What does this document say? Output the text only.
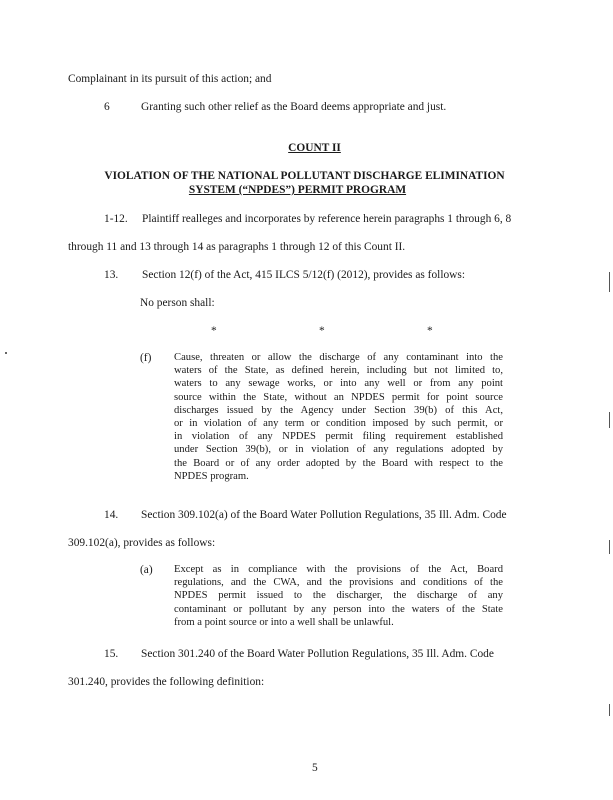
Complainant in its pursuit of this action; and
6	Granting such other relief as the Board deems appropriate and just.
COUNT II
VIOLATION OF THE NATIONAL POLLUTANT DISCHARGE ELIMINATION
SYSTEM (“NPDES”) PERMIT PROGRAM
1-12. Plaintiff realleges and incorporates by reference herein paragraphs 1 through 6, 8
through 11 and 13 through 14 as paragraphs 1 through 12 of this Count II.
13. Section 12(f) of the Act, 415 ILCS 5/12(f) (2012), provides as follows:
No person shall:
*	*	*
(f) Cause, threaten or allow the discharge of any contaminant into the
waters of the State, as defined herein, including but not limited to,
waters to any sewage works, or into any well or from any point
source within the State, without an NPDES permit for point source
discharges issued by the Agency under Section 39(b) of this Act,
or in violation of any term or condition imposed by such permit, or
in violation of any NPDES permit filing requirement established
under Section 39(b), or in violation of any regulations adopted by
the Board or of any order adopted by the Board with respect to the
NPDES program.
14. Section 309.102(a) of the Board Water Pollution Regulations, 35 Ill. Adm. Code
309.102(a), provides as follows:
(a) Except as in compliance with the provisions of the Act, Board
regulations, and the CWA, and the provisions and conditions of the
NPDES permit issued to the discharger, the discharge of any
contaminant or pollutant by any person into the waters of the State
from a point source or into a well shall be unlawful.
15. Section 301.240 of the Board Water Pollution Regulations, 35 Ill. Adm. Code
301.240, provides the following definition:
5
